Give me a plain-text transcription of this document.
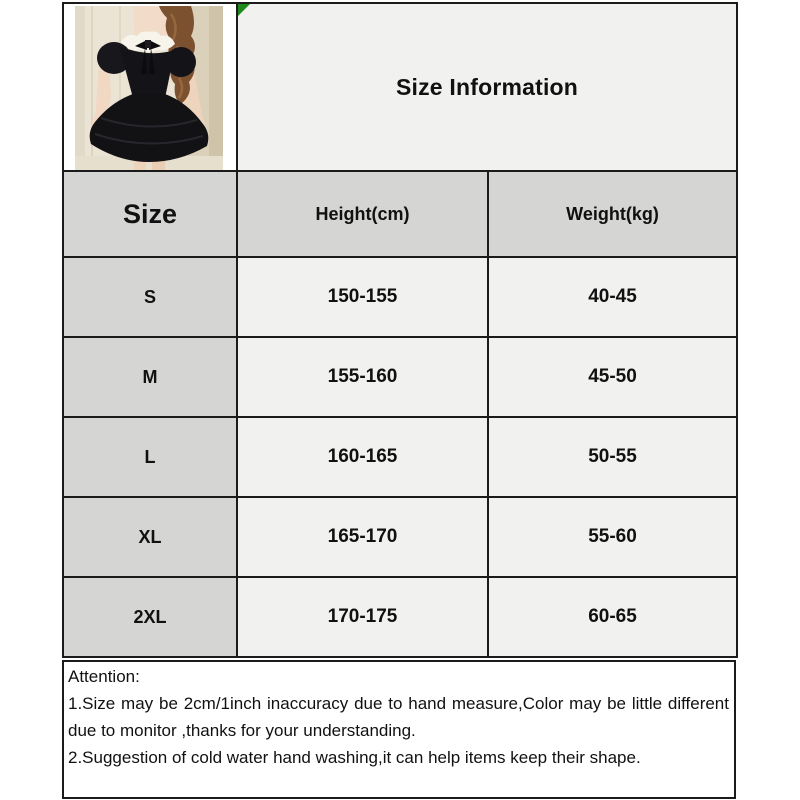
Size Information	
Size	Height(cm)	Weight(kg)
S	150-155	40-45
M	155-160	45-50
L	160-165	50-55
XL	165-170	55-60
2XL	170-175	60-65
Attention:
1.Size may be 2cm/1inch inaccuracy due to hand measure,Color may be little different due to monitor ,thanks for your understanding.
2.Suggestion of cold water hand washing,it can help items keep their shape.
